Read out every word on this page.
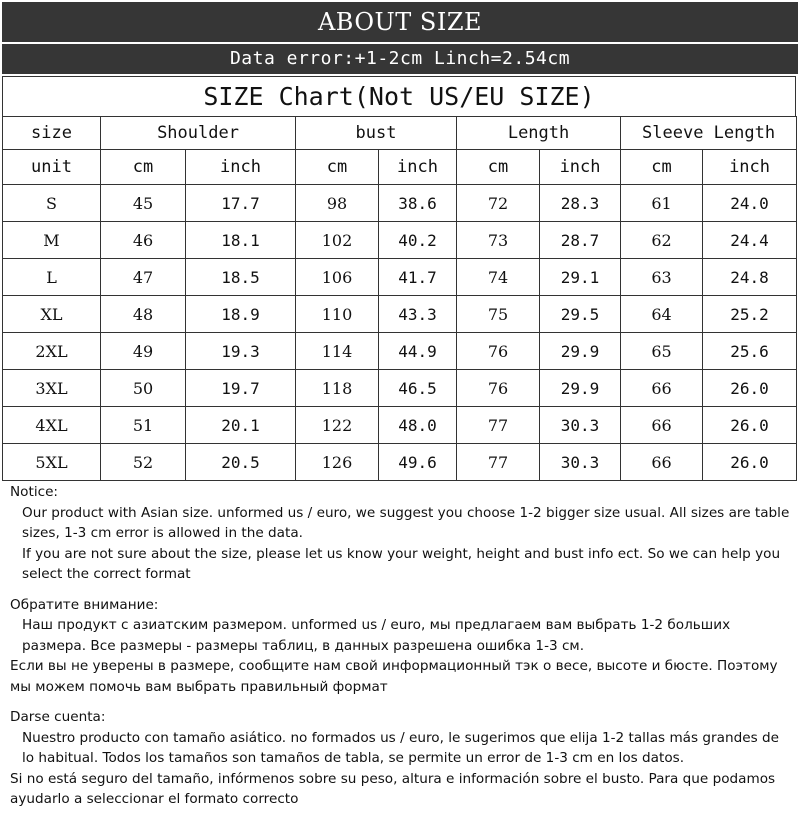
ABOUT SIZE
Data error:+1-2cm Linch=2.54cm
SIZE Chart(Not US/EU SIZE)
size	Shoulder		bust		Length		Sleeve Length	
unit	cm	inch	cm	inch	cm	inch	cm	inch
S	45	17.7	98	38.6	72	28.3	61	24.0
M	46	18.1	102	40.2	73	28.7	62	24.4
L	47	18.5	106	41.7	74	29.1	63	24.8
XL	48	18.9	110	43.3	75	29.5	64	25.2
2XL	49	19.3	114	44.9	76	29.9	65	25.6
3XL	50	19.7	118	46.5	76	29.9	66	26.0
4XL	51	20.1	122	48.0	77	30.3	66	26.0
5XL	52	20.5	126	49.6	77	30.3	66	26.0

Notice:

Our product with Asian size. unformed us / euro, we suggest you choose 1-2 bigger size usual. All sizes are table sizes, 1-3 cm error is allowed in the data.

If you are not sure about the size, please let us know your weight, height and bust info ect. So we can help you select the correct format

Обратите внимание:

Наш продукт с азиатским размером. unformed us / euro, мы предлагаем вам выбрать 1-2 больших размера. Все размеры - размеры таблиц, в данных разрешена ошибка 1-3 см.

Если вы не уверены в размере, сообщите нам свой информационный тэк о весе, высоте и бюсте. Поэтому мы можем помочь вам выбрать правильный формат

Darse cuenta:

Nuestro producto con tamaño asiático. no formados us / euro, le sugerimos que elija 1-2 tallas más grandes de lo habitual. Todos los tamaños son tamaños de tabla, se permite un error de 1-3 cm en los datos.

Si no está seguro del tamaño, infórmenos sobre su peso, altura e información sobre el busto. Para que podamos ayudarlo a seleccionar el formato correcto
